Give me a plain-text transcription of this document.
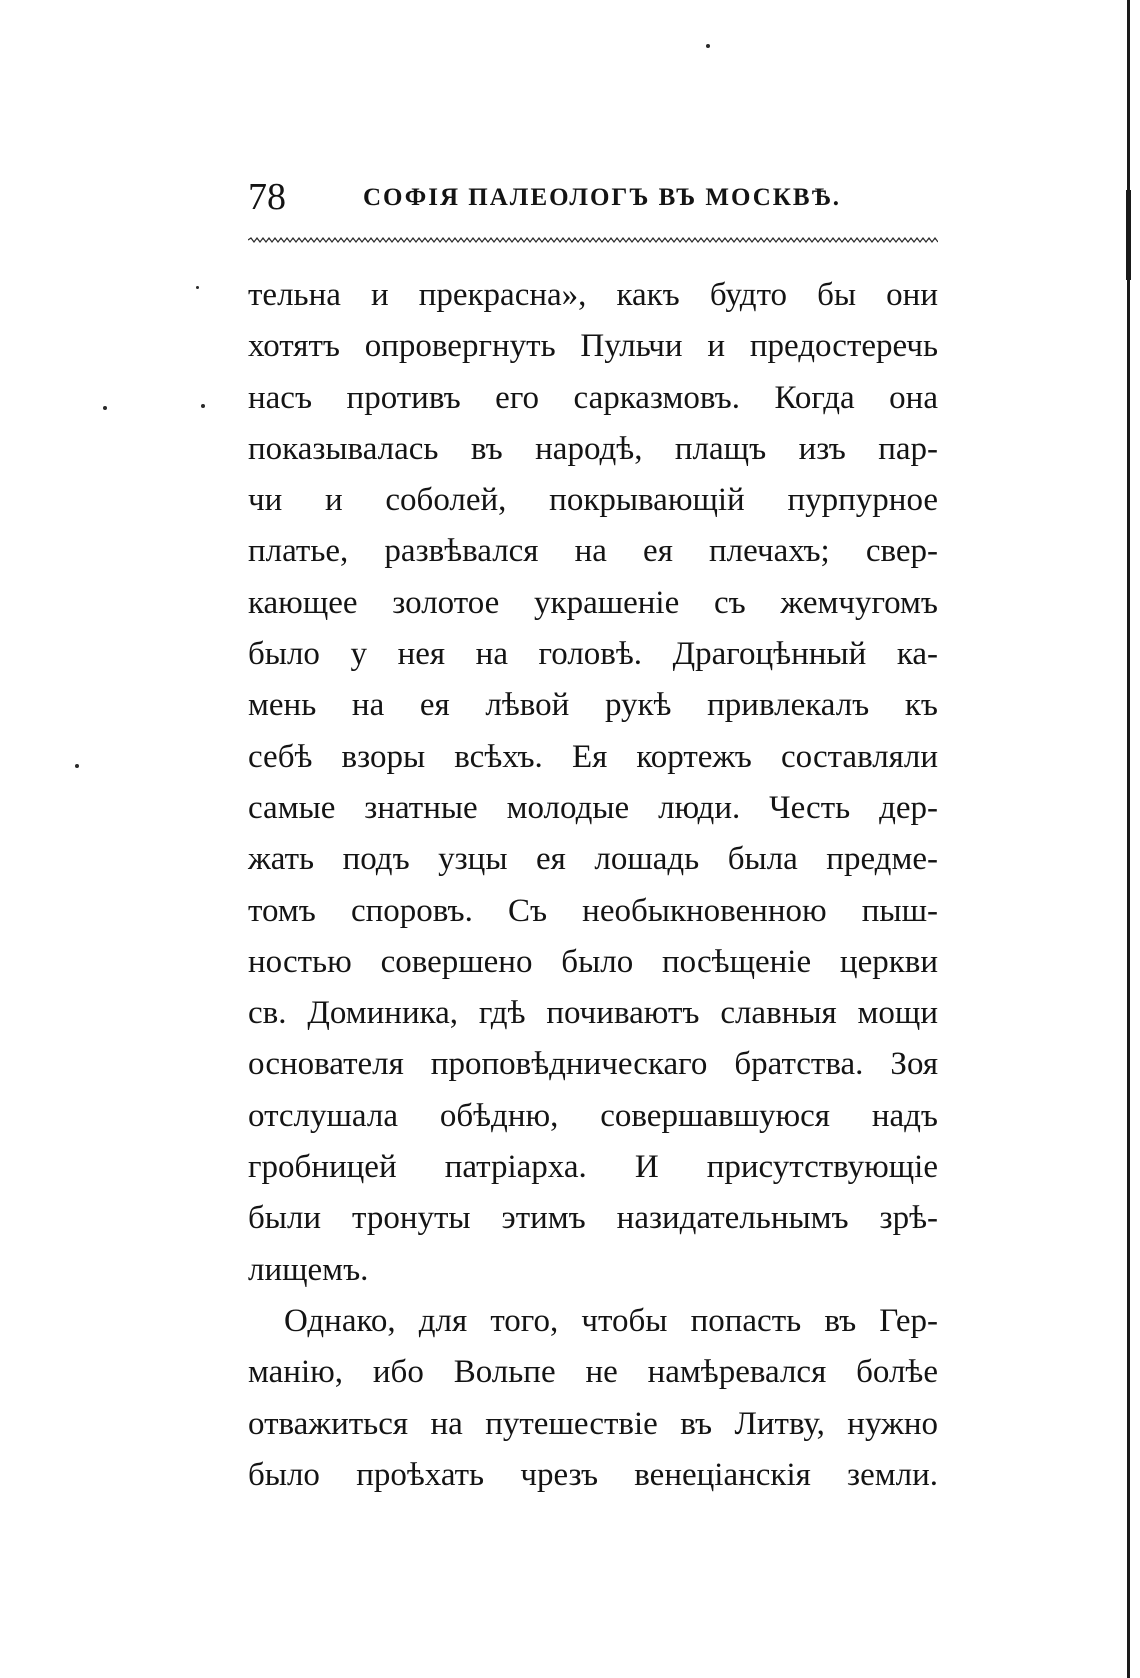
78	СОФІЯ ПАЛЕОЛОГЪ ВЪ МОСКВѢ.
тельна и прекрасна», какъ будто бы они
хотятъ опровергнуть Пульчи и предостеречь
насъ противъ его сарказмовъ. Когда она
показывалась въ народѣ, плащъ изъ пар-
чи и соболей, покрывающій пурпурное
платье, развѣвался на ея плечахъ; свер-
кающее золотое украшеніе съ жемчугомъ
было у нея на головѣ. Драгоцѣнный ка-
мень на ея лѣвой рукѣ привлекалъ къ
себѣ взоры всѣхъ. Ея кортежъ составляли
самые знатные молодые люди. Честь дер-
жать подъ узцы ея лошадь была предме-
томъ споровъ. Съ необыкновенною пыш-
ностью совершено было посѣщеніе церкви
св. Доминика, гдѣ почиваютъ славныя мощи
основателя проповѣдническаго братства. Зоя
отслушала обѣдню, совершавшуюся надъ
гробницей патріарха. И присутствующіе
были тронуты этимъ назидательнымъ зрѣ-
лищемъ.
Однако, для того, чтобы попасть въ Гер-
манію, ибо Вольпе не намѣревался болѣе
отважиться на путешествіе въ Литву, нужно
было проѣхать чрезъ венеціанскія земли.
